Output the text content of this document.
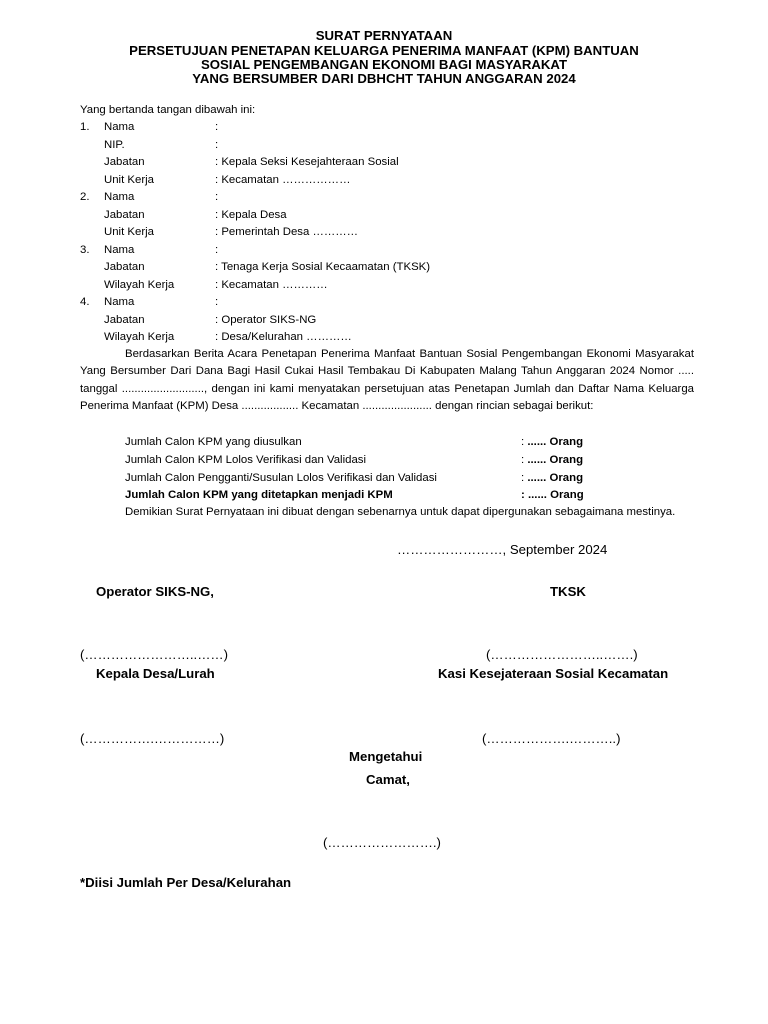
SURAT PERNYATAAN
PERSETUJUAN PENETAPAN KELUARGA PENERIMA MANFAAT (KPM) BANTUAN
SOSIAL PENGEMBANGAN EKONOMI BAGI MASYARAKAT
YANG BERSUMBER DARI DBHCHT TAHUN ANGGARAN 2024
Yang bertanda tangan dibawah ini:
1. Nama	:
NIP.	:
Jabatan	: Kepala Seksi Kesejahteraan Sosial
Unit Kerja	: Kecamatan ………………
2. Nama	:
Jabatan	: Kepala Desa
Unit Kerja	: Pemerintah Desa …………
3. Nama	:
Jabatan	: Tenaga Kerja Sosial Kecaamatan (TKSK)
Wilayah Kerja	: Kecamatan …………
4. Nama	:
Jabatan	: Operator SIKS-NG
Wilayah Kerja	: Desa/Kelurahan …………
Berdasarkan Berita Acara Penetapan Penerima Manfaat Bantuan Sosial Pengembangan Ekonomi Masyarakat Yang Bersumber Dari Dana Bagi Hasil Cukai Hasil Tembakau Di Kabupaten Malang Tahun Anggaran 2024 Nomor ..... tanggal .........................., dengan ini kami menyatakan persetujuan atas Penetapan Jumlah dan Daftar Nama Keluarga Penerima Manfaat (KPM) Desa .................. Kecamatan ...................... dengan rincian sebagai berikut:
Jumlah Calon KPM yang diusulkan	: ...... Orang
Jumlah Calon KPM Lolos Verifikasi dan Validasi	: ...... Orang
Jumlah Calon Pengganti/Susulan Lolos Verifikasi dan Validasi	: ...... Orang
Jumlah Calon KPM yang ditetapkan menjadi KPM	: ...... Orang
Demikian Surat Pernyataan ini dibuat dengan sebenarnya untuk dapat dipergunakan sebagaimana mestinya.
……………………, September 2024
Operator SIKS-NG,	TKSK
(……………………..……)	(……………………..…….)
Kepala Desa/Lurah	Kasi Kesejateraan Sosial Kecamatan
(…………….……………)	(……………….………..)
Mengetahui
Camat,
(…………………….)
*Diisi Jumlah Per Desa/Kelurahan
